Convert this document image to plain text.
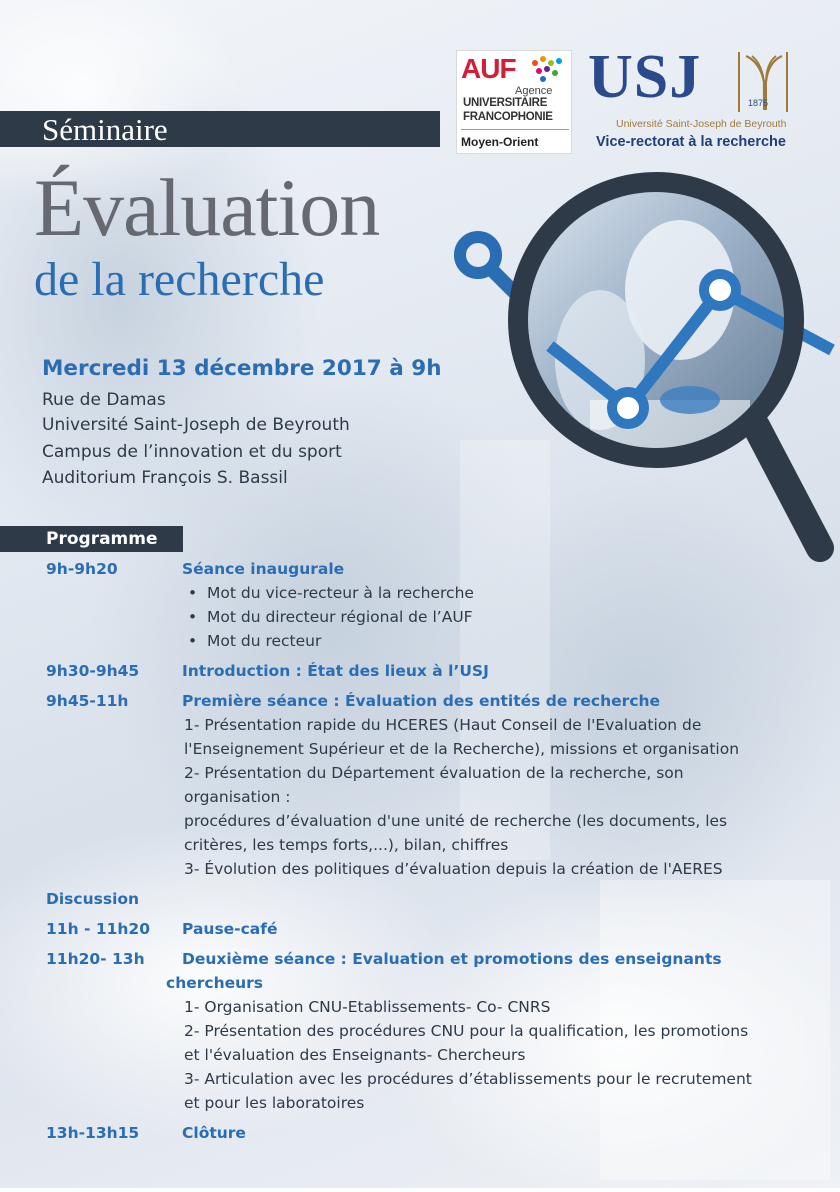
AUF
Agence
UNIVERSITAIRE
FRANCOPHONIE
Moyen-Orient
USJ	1875
Université Saint-Joseph de Beyrouth
Vice-rectorat à la recherche
Séminaire
Évaluation
de la recherche
Mercredi 13 décembre 2017 à 9h
Rue de Damas
Université Saint-Joseph de Beyrouth
Campus de l’innovation et du sport
Auditorium François S. Bassil
Programme
9h-9h20	Séance inaugurale
•  Mot du vice-recteur à la recherche
•  Mot du directeur régional de l’AUF
•  Mot du recteur
9h30-9h45	Introduction : État des lieux à l’USJ
9h45-11h	Première séance : Évaluation des entités de recherche
1- Présentation rapide du HCERES (Haut Conseil de l'Evaluation de
l'Enseignement Supérieur et de la Recherche), missions et organisation
2- Présentation du Département évaluation de la recherche, son
organisation :
procédures d’évaluation d'une unité de recherche (les documents, les
critères, les temps forts,...), bilan, chiffres
3- Évolution des politiques d’évaluation depuis la création de l'AERES
Discussion
11h - 11h20 Pause-café
11h20- 13h Deuxième séance : Evaluation et promotions des enseignants
chercheurs
1- Organisation CNU-Etablissements- Co- CNRS
2- Présentation des procédures CNU pour la qualification, les promotions
et l'évaluation des Enseignants- Chercheurs
3- Articulation avec les procédures d’établissements pour le recrutement
et pour les laboratoires
13h-13h15	Clôture
